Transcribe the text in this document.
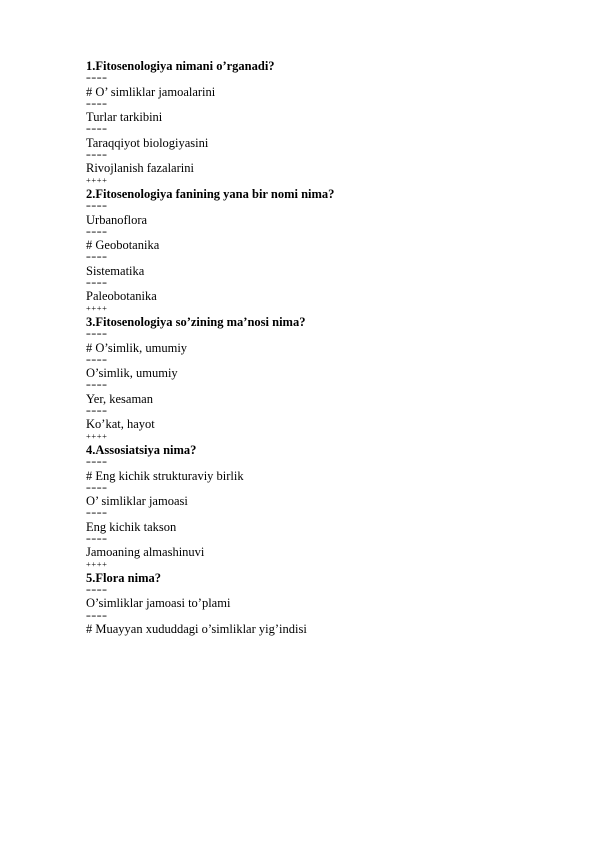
1.Fitosenologiya nimani o’rganadi?
====
# O’ simliklar jamoalarini
====
Turlar tarkibini
====
Taraqqiyot biologiyasini
====
Rivojlanish fazalarini
++++
2.Fitosenologiya fanining yana bir nomi nima?
====
Urbanoflora
====
# Geobotanika
====
Sistematika
====
Paleobotanika
++++
3.Fitosenologiya so’zining ma’nosi nima?
====
# O’simlik, umumiy
====
O’simlik, umumiy
====
Yer, kesaman
====
Ko’kat, hayot
++++
4.Assosiatsiya nima?
====
# Eng kichik strukturaviy birlik
====
O’ simliklar jamoasi
====
Eng kichik takson
====
Jamoaning almashinuvi
++++
5.Flora nima?
====
O’simliklar jamoasi to’plami
====
# Muayyan xududdagi o’simliklar yig’indisi
